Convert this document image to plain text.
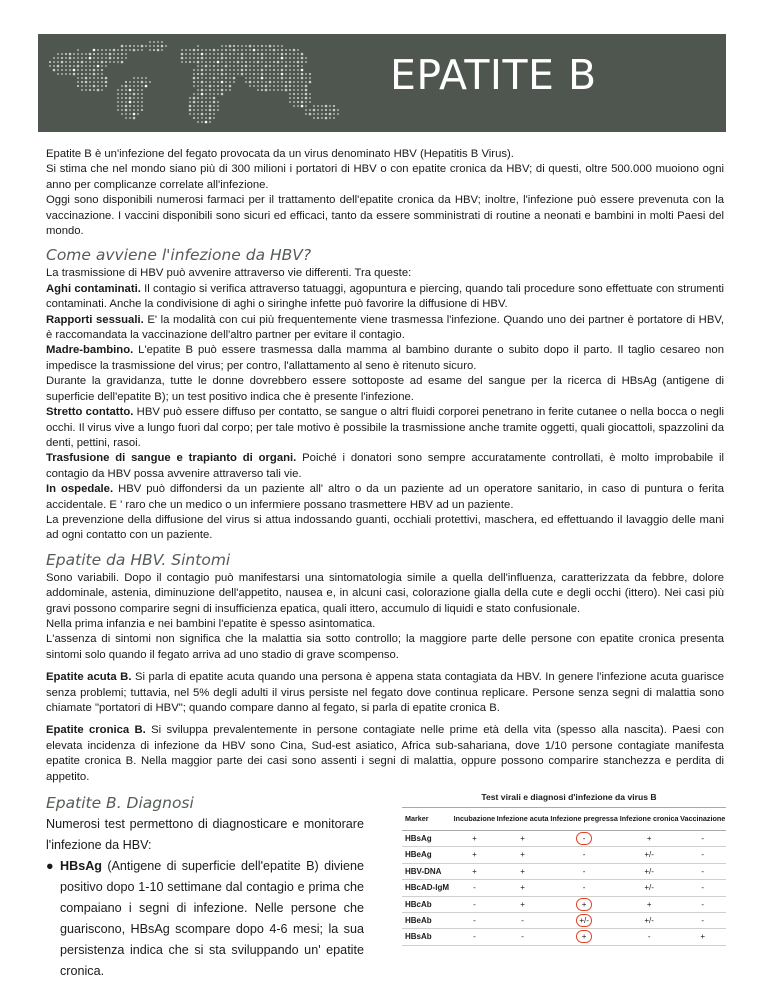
EPATITE B

Epatite B è un'infezione del fegato provocata da un virus denominato HBV (Hepatitis B Virus).

Si stima che nel mondo siano più di 300 milioni i portatori di HBV o con epatite cronica da HBV; di questi, oltre 500.000 muoiono ogni anno per complicanze correlate all'infezione.

Oggi sono disponibili numerosi farmaci per il trattamento dell'epatite cronica da HBV; inoltre, l'infezione può essere prevenuta con la vaccinazione. I vaccini disponibili sono sicuri ed efficaci, tanto da essere somministrati di routine a neonati e bambini in molti Paesi del mondo.

Come avviene l'infezione da HBV?

La trasmissione di HBV può avvenire attraverso vie differenti. Tra queste:

Aghi contaminati. Il contagio si verifica attraverso tatuaggi, agopuntura e piercing, quando tali procedure sono effettuate con strumenti contaminati. Anche la condivisione di aghi o siringhe infette può favorire la diffusione di HBV.

Rapporti sessuali. E' la modalità con cui più frequentemente viene trasmessa l'infezione. Quando uno dei partner è portatore di HBV, è raccomandata la vaccinazione dell'altro partner per evitare il contagio.

Madre-bambino. L'epatite B può essere trasmessa dalla mamma al bambino durante o subito dopo il parto. Il taglio cesareo non impedisce la trasmissione del virus; per contro, l'allattamento al seno è ritenuto sicuro.

Durante la gravidanza, tutte le donne dovrebbero essere sottoposte ad esame del sangue per la ricerca di HBsAg (antigene di superficie dell'epatite B); un test positivo indica che è presente l'infezione.

Stretto contatto. HBV può essere diffuso per contatto, se sangue o altri fluidi corporei penetrano in ferite cutanee o nella bocca o negli occhi. Il virus vive a lungo fuori dal corpo; per tale motivo è possibile la trasmissione anche tramite oggetti, quali giocattoli, spazzolini da denti, pettini, rasoi.

Trasfusione di sangue e trapianto di organi. Poiché i donatori sono sempre accuratamente controllati, è molto improbabile il contagio da HBV possa avvenire attraverso tali vie.

In ospedale. HBV può diffondersi da un paziente all' altro o da un paziente ad un operatore sanitario, in caso di puntura o ferita accidentale. E ' raro che un medico o un infermiere possano trasmettere HBV ad un paziente.

La prevenzione della diffusione del virus si attua indossando guanti, occhiali protettivi, maschera, ed effettuando il lavaggio delle mani ad ogni contatto con un paziente.

Epatite da HBV. Sintomi

Sono variabili. Dopo il contagio può manifestarsi una sintomatologia simile a quella dell'influenza, caratterizzata da febbre, dolore addominale, astenia, diminuzione dell'appetito, nausea e, in alcuni casi, colorazione gialla della cute e degli occhi (ittero). Nei casi più gravi possono comparire segni di insufficienza epatica, quali ittero, accumulo di liquidi e stato confusionale.

Nella prima infanzia e nei bambini l'epatite è spesso asintomatica.

L'assenza di sintomi non significa che la malattia sia sotto controllo; la maggiore parte delle persone con epatite cronica presenta sintomi solo quando il fegato arriva ad uno stadio di grave scompenso.

Epatite acuta B. Si parla di epatite acuta quando una persona è appena stata contagiata da HBV. In genere l'infezione acuta guarisce senza problemi; tuttavia, nel 5% degli adulti il virus persiste nel fegato dove continua replicare. Persone senza segni di malattia sono chiamate "portatori di HBV"; quando compare danno al fegato, si parla di epatite cronica B.

Epatite cronica B. Si sviluppa prevalentemente in persone contagiate nelle prime età della vita (spesso alla nascita). Paesi con elevata incidenza di infezione da HBV sono Cina, Sud-est asiatico, Africa sub-sahariana, dove 1/10 persone contagiate manifesta epatite cronica B. Nella maggior parte dei casi sono assenti i segni di malattia, oppure possono comparire stanchezza e perdita di appetito.

Epatite B. Diagnosi

Numerosi test permettono di diagnosticare e monitorare l'infezione da HBV:

● HBsAg (Antigene di superficie dell'epatite B) diviene positivo dopo 1-10 settimane dal contagio e prima che compaiano i segni di infezione. Nelle persone che guariscono, HBsAg scompare dopo 4-6 mesi; la sua persistenza indica che si sta sviluppando un' epatite cronica.
Test virali e diagnosi d'infezione da virus B
Marker	Incubazione	Infezione acuta	Infezione pregressa	Infezione cronica	Vaccinazione
HBsAg	+	+	-	+	-
HBeAg	+	+	-	+/-	-
HBV-DNA	+	+	-	+/-	-
HBcAD-IgM	-	+	-	+/-	-
HBcAb	-	+	+	+	-
HBeAb	-	-	+/-	+/-	-
HBsAb	-	-	+	-	+
